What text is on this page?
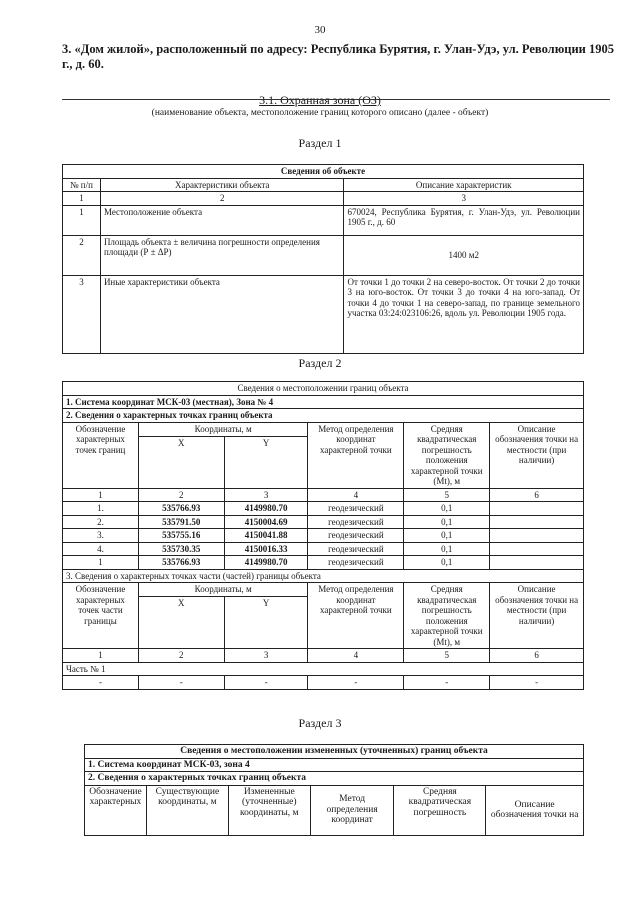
30
3. «Дом жилой», расположенный по адресу: Республика Бурятия, г. Улан-Удэ, ул. Революции 1905 г., д. 60.
3.1. Охранная зона (ОЗ)
(наименование объекта, местоположение границ которого описано (далее - объект)
Раздел 1
Сведения об объекте		
№ п/п	Характеристики объекта	Описание характеристик
1	2	3
1	Местоположение объекта	670024, Республика Бурятия, г. Улан-Удэ, ул. Революции 1905 г., д. 60
2	Площадь объекта ± величина погрешности определения площади (Р ± ΔР)	1400 м2
3	Иные характеристики объекта	От точки 1 до точки 2 на северо-восток. От точки 2 до точки 3 на юго-восток. От точки 3 до точки 4 на юго-запад. От точки 4 до точки 1 на северо-запад, по границе земельного участка 03:24:023106:26, вдоль ул. Революции 1905 года.
Раздел 2
Сведения о местоположении границ объекта					
1. Система координат МСК-03 (местная), Зона № 4					
2. Сведения о характерных точках границ объекта					
Обозначение характерных точек границ	Координаты, м		Метод определения координат характерной точки	Средняя квадратическая погрешность положения характерной точки (Mt), м	Описание обозначения точки на местности (при наличии)
	X	Y			
1	2	3	4	5	6
1.	535766.93	4149980.70	геодезический	0,1	
2.	535791.50	4150004.69	геодезический	0,1	
3.	535755.16	4150041.88	геодезический	0,1	
4.	535730.35	4150016.33	геодезический	0,1	
1	535766.93	4149980.70	геодезический	0,1	
3. Сведения о характерных точках части (частей) границы объекта					
Обозначение характерных точек части границы	Координаты, м		Метод определения координат характерной точки	Средняя квадратическая погрешность положения характерной точки (Mt), м	Описание обозначения точки на местности (при наличии)
	X	Y			
1	2	3	4	5	6
Часть № 1					
-	-	-	-	-	-
Раздел 3
Сведения о местоположении измененных (уточненных) границ объекта
1. Система координат МСК-03, зона 4
2. Сведения о характерных точках границ объекта
Обозначение характерных	Существующие координаты, м	Измененные (уточненные) координаты, м	Метод определения координат	Средняя квадратическая погрешность	Описание обозначения точки на
